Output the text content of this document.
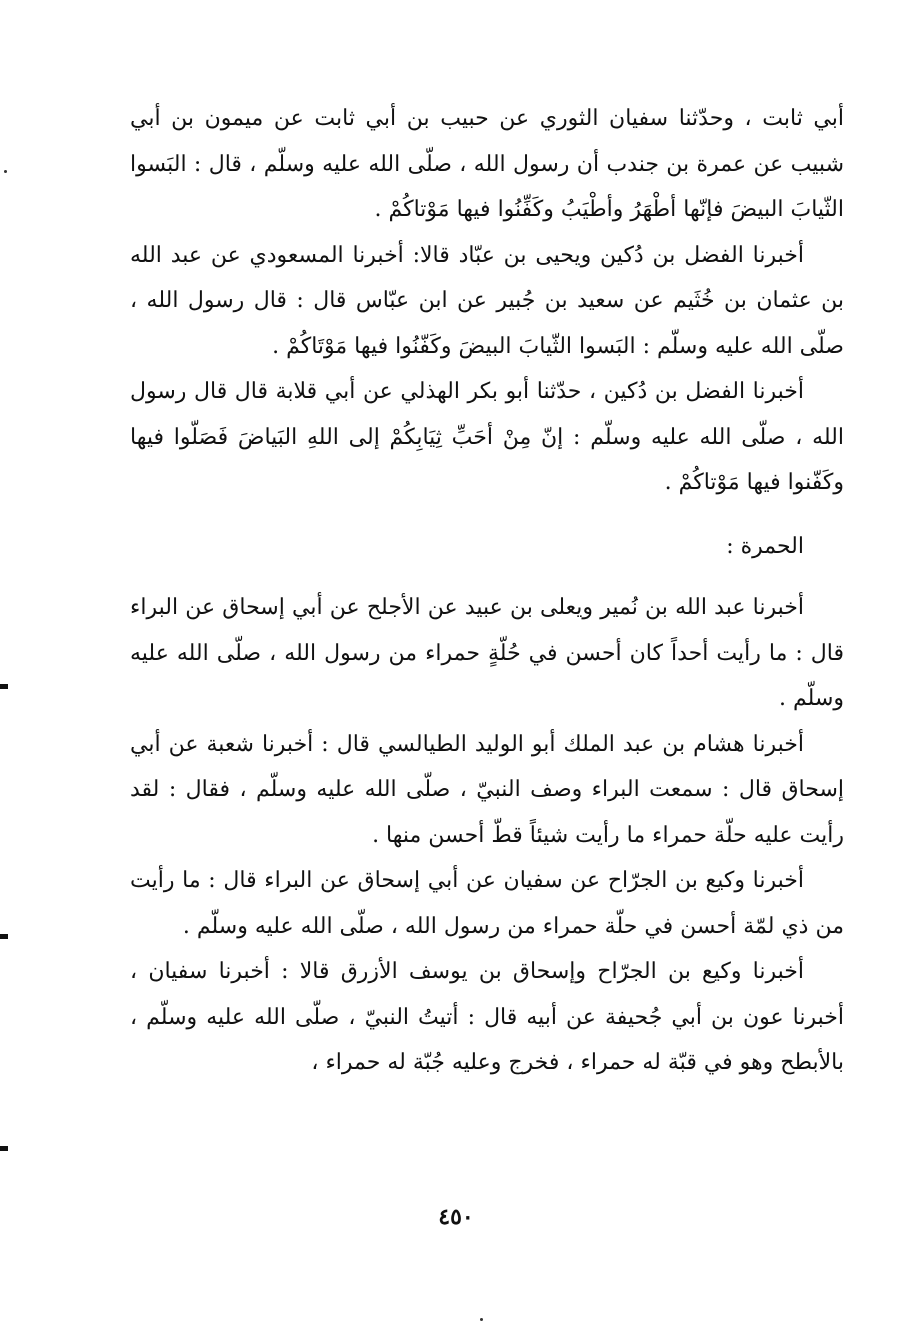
أبي ثابت ، وحدّثنا سفيان الثوري عن حبيب بن أبي ثابت عن ميمون بن أبي شبيب عن عمرة بن جندب أن رسول الله ، صلّى الله عليه وسلّم ، قال : البَسوا الثّيابَ البيضَ فإنّها أطْهَرُ وأطْيَبُ وكَفِّنُوا فيها مَوْتاكُمْ .

أخبرنا الفضل بن دُكين ويحيى بن عبّاد قالا: أخبرنا المسعودي عن عبد الله بن عثمان بن خُثَيم عن سعيد بن جُبير عن ابن عبّاس قال : قال رسول الله ، صلّى الله عليه وسلّم : البَسوا الثّيابَ البيضَ وكَفّنُوا فيها مَوْتَاكُمْ .

أخبرنا الفضل بن دُكين ، حدّثنا أبو بكر الهذلي عن أبي قلابة قال قال رسول الله ، صلّى الله عليه وسلّم : إنّ مِنْ أحَبِّ ثِيَابِكُمْ إلى اللهِ البَياضَ فَصَلّوا فيها وكَفّنوا فيها مَوْتاكُمْ .

الحمرة :

أخبرنا عبد الله بن نُمير ويعلى بن عبيد عن الأجلح عن أبي إسحاق عن البراء قال : ما رأيت أحداً كان أحسن في حُلّةٍ حمراء من رسول الله ، صلّى الله عليه وسلّم .

أخبرنا هشام بن عبد الملك أبو الوليد الطيالسي قال : أخبرنا شعبة عن أبي إسحاق قال : سمعت البراء وصف النبيّ ، صلّى الله عليه وسلّم ، فقال : لقد رأيت عليه حلّة حمراء ما رأيت شيئاً قطّ أحسن منها .

أخبرنا وكيع بن الجرّاح عن سفيان عن أبي إسحاق عن البراء قال : ما رأيت من ذي لمّة أحسن في حلّة حمراء من رسول الله ، صلّى الله عليه وسلّم .

أخبرنا وكيع بن الجرّاح وإسحاق بن يوسف الأزرق قالا : أخبرنا سفيان ، أخبرنا عون بن أبي جُحيفة عن أبيه قال : أتيتُ النبيّ ، صلّى الله عليه وسلّم ، بالأبطح وهو في قبّة له حمراء ، فخرج وعليه جُبّة له حمراء ،

٤٥٠
